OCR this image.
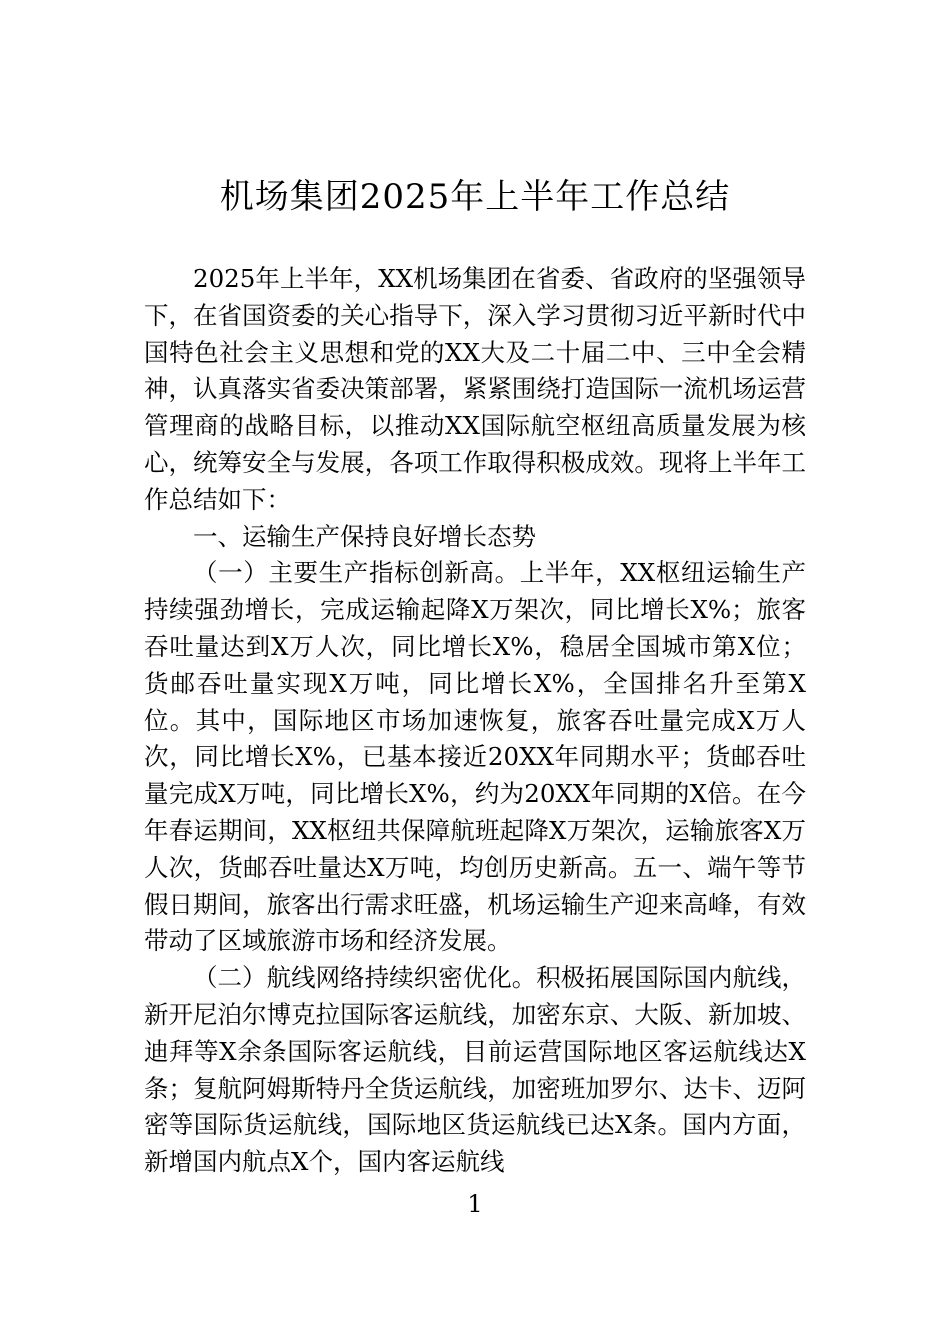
机场集团2025年上半年工作总结

2025年上半年，XX机场集团在省委、省政府的坚强领导下，在省国资委的关心指导下，深入学习贯彻习近平新时代中国特色社会主义思想和党的XX大及二十届二中、三中全会精神，认真落实省委决策部署，紧紧围绕打造国际一流机场运营管理商的战略目标，以推动XX国际航空枢纽高质量发展为核心，统筹安全与发展，各项工作取得积极成效。现将上半年工作总结如下：

一、运输生产保持良好增长态势

（一）主要生产指标创新高。上半年，XX枢纽运输生产持续强劲增长，完成运输起降X万架次，同比增长X%；旅客吞吐量达到X万人次，同比增长X%，稳居全国城市第X位；货邮吞吐量实现X万吨，同比增长X%，全国排名升至第X位。其中，国际地区市场加速恢复，旅客吞吐量完成X万人次，同比增长X%，已基本接近20XX年同期水平；货邮吞吐量完成X万吨，同比增长X%，约为20XX年同期的X倍。在今年春运期间，XX枢纽共保障航班起降X万架次，运输旅客X万人次，货邮吞吐量达X万吨，均创历史新高。五一、端午等节假日期间，旅客出行需求旺盛，机场运输生产迎来高峰，有效带动了区域旅游市场和经济发展。

（二）航线网络持续织密优化。积极拓展国际国内航线，新开尼泊尔博克拉国际客运航线，加密东京、大阪、新加坡、迪拜等X余条国际客运航线，目前运营国际地区客运航线达X条；复航阿姆斯特丹全货运航线，加密班加罗尔、达卡、迈阿密等国际货运航线，国际地区货运航线已达X条。国内方面，新增国内航点X个，国内客运航线

1
